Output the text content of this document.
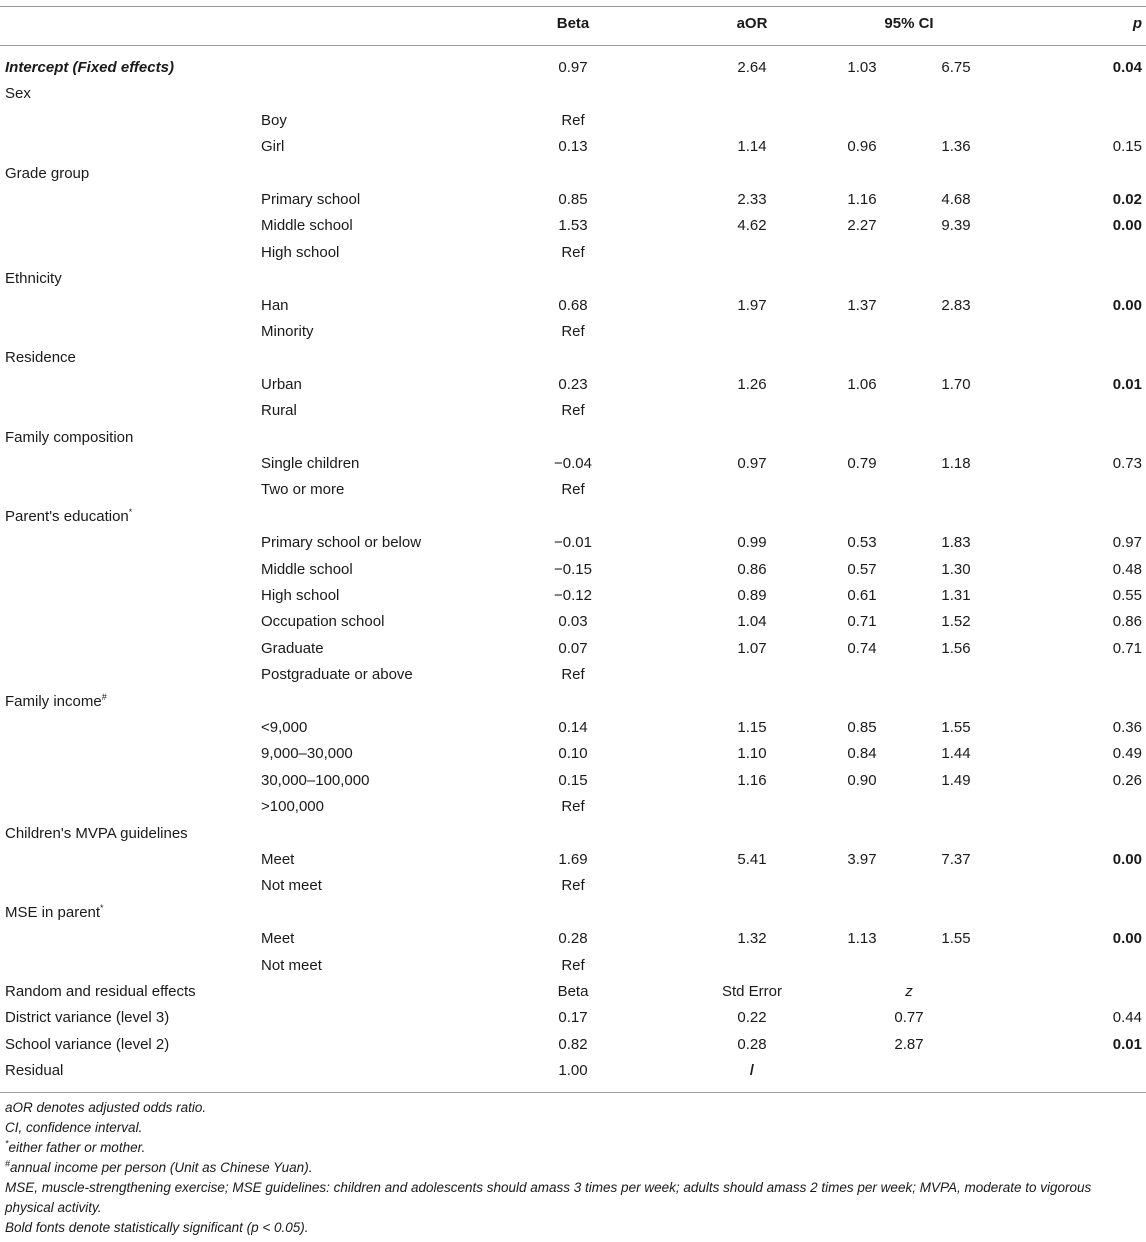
Beta	aOR	95% CI	p
Intercept (Fixed effects)	0.97	2.64	1.03	6.75	0.04
Sex
Boy	Ref
Girl	0.13	1.14	0.96	1.36	0.15
Grade group
Primary school	0.85	2.33	1.16	4.68	0.02
Middle school	1.53	4.62	2.27	9.39	0.00
High school	Ref
Ethnicity
Han	0.68	1.97	1.37	2.83	0.00
Minority	Ref
Residence
Urban	0.23	1.26	1.06	1.70	0.01
Rural	Ref
Family composition
Single children	−0.04	0.97	0.79	1.18	0.73
Two or more	Ref
Parent's education*
Primary school or below	−0.01	0.99	0.53	1.83	0.97
Middle school	−0.15	0.86	0.57	1.30	0.48
High school	−0.12	0.89	0.61	1.31	0.55
Occupation school	0.03	1.04	0.71	1.52	0.86
Graduate	0.07	1.07	0.74	1.56	0.71
Postgraduate or above	Ref
Family income#
<9,000	0.14	1.15	0.85	1.55	0.36
9,000–30,000	0.10	1.10	0.84	1.44	0.49
30,000–100,000	0.15	1.16	0.90	1.49	0.26
>100,000	Ref
Children's MVPA guidelines
Meet	1.69	5.41	3.97	7.37	0.00
Not meet	Ref
MSE in parent*
Meet	0.28	1.32	1.13	1.55	0.00
Not meet	Ref
Random and residual effects	Beta	Std Error	z
District variance (level 3)	0.17	0.22	0.77	0.44
School variance (level 2)	0.82	0.28	2.87	0.01
Residual	1.00	/

aOR denotes adjusted odds ratio.

CI, confidence interval.

*either father or mother.

#annual income per person (Unit as Chinese Yuan).

MSE, muscle-strengthening exercise; MSE guidelines: children and adolescents should amass 3 times per week; adults should amass 2 times per week; MVPA, moderate to vigorous physical activity.

Bold fonts denote statistically significant (p < 0.05).
